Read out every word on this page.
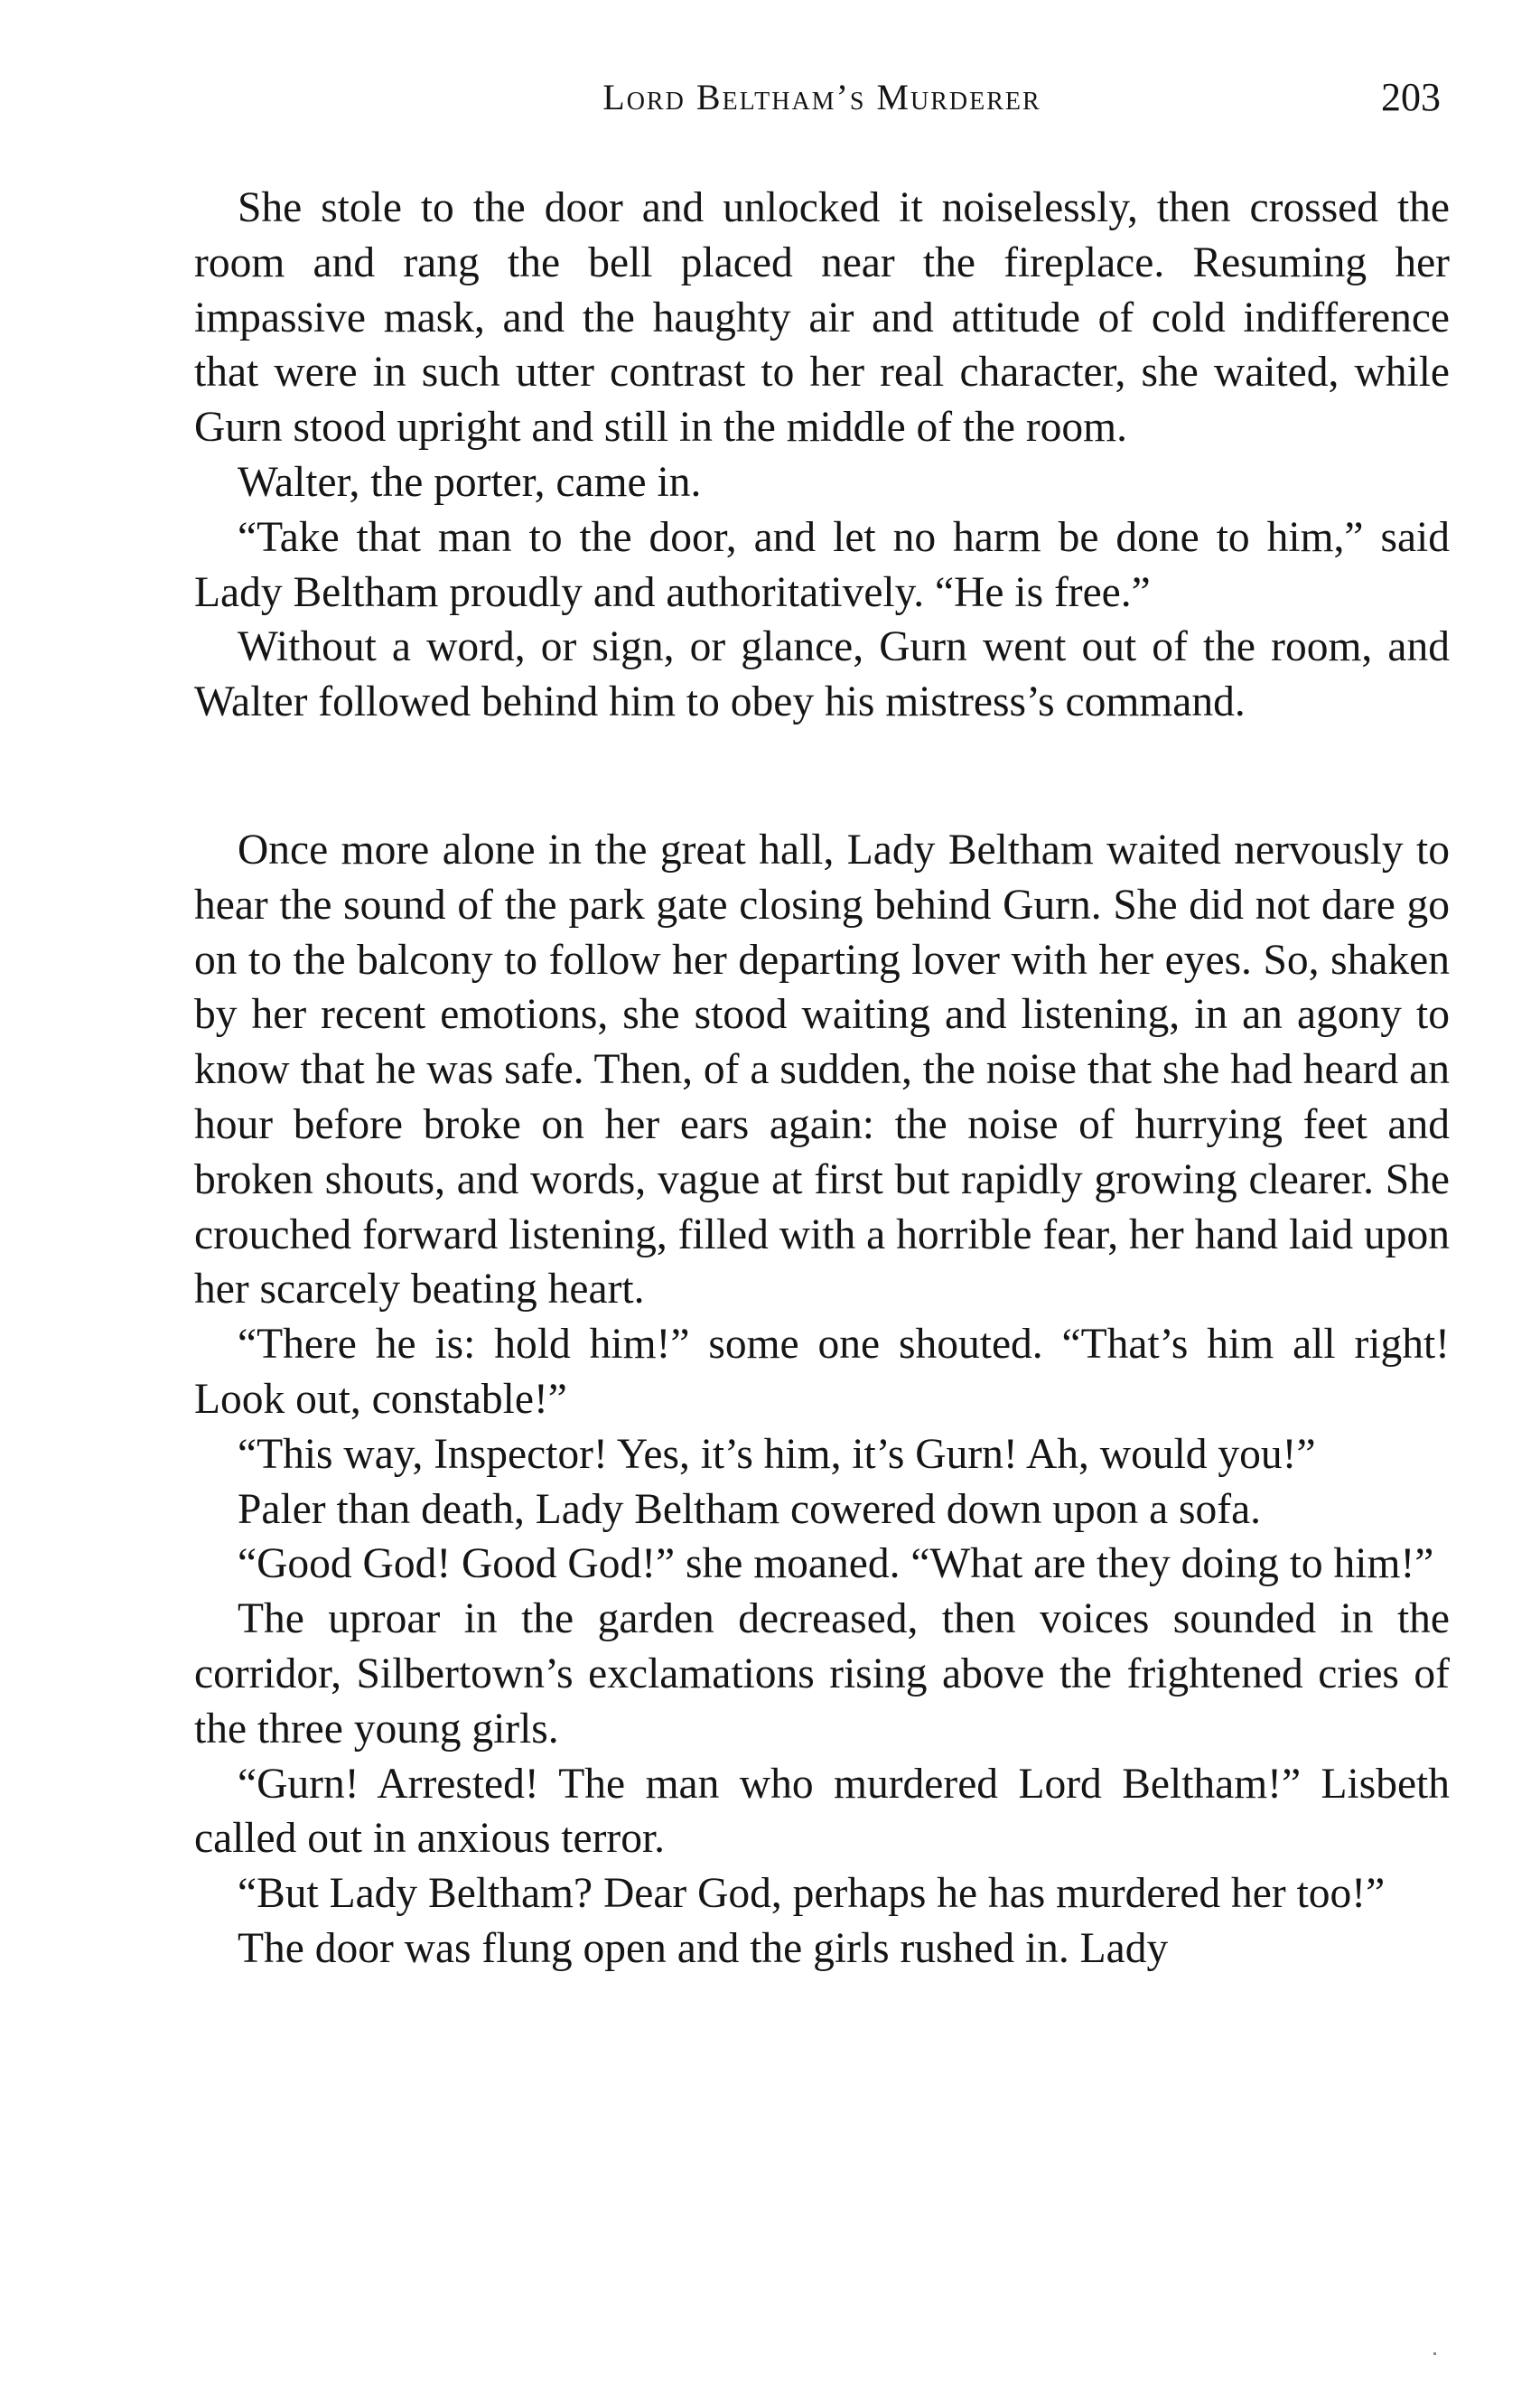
Lord Beltham’s Murderer	203

She stole to the door and unlocked it noiselessly, then crossed the room and rang the bell placed near the fireplace. Resuming her impassive mask, and the haughty air and attitude of cold indifference that were in such utter contrast to her real character, she waited, while Gurn stood upright and still in the middle of the room.

Walter, the porter, came in.

“Take that man to the door, and let no harm be done to him,” said Lady Beltham proudly and authoritatively. “He is free.”

Without a word, or sign, or glance, Gurn went out of the room, and Walter followed behind him to obey his mistress’s command.

Once more alone in the great hall, Lady Beltham waited nervously to hear the sound of the park gate closing behind Gurn. She did not dare go on to the balcony to follow her departing lover with her eyes. So, shaken by her recent emotions, she stood waiting and listening, in an agony to know that he was safe. Then, of a sudden, the noise that she had heard an hour before broke on her ears again: the noise of hurrying feet and broken shouts, and words, vague at first but rapidly growing clearer. She crouched forward listening, filled with a horrible fear, her hand laid upon her scarcely beating heart.

“There he is: hold him!” some one shouted. “That’s him all right! Look out, constable!”

“This way, Inspector! Yes, it’s him, it’s Gurn! Ah, would you!”

Paler than death, Lady Beltham cowered down upon a sofa.

“Good God! Good God!” she moaned. “What are they doing to him!”

The uproar in the garden decreased, then voices sounded in the corridor, Silbertown’s exclamations rising above the frightened cries of the three young girls.

“Gurn! Arrested! The man who murdered Lord Beltham!” Lisbeth called out in anxious terror.

“But Lady Beltham? Dear God, perhaps he has murdered her too!”

The door was flung open and the girls rushed in. Lady
